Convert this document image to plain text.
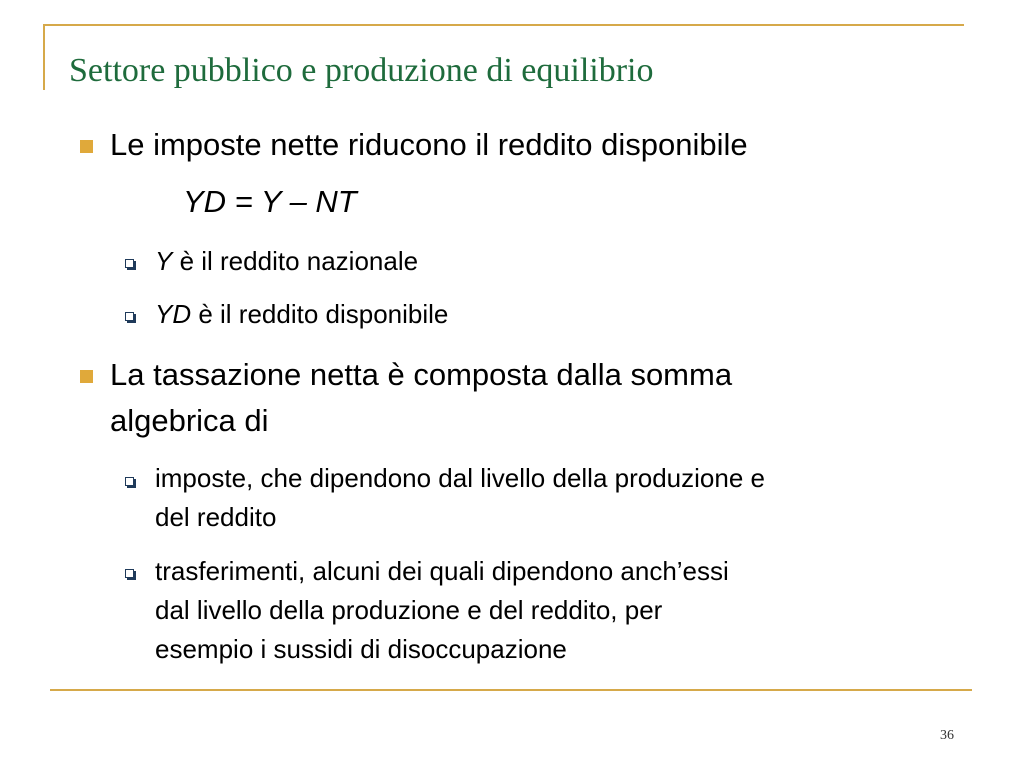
Settore pubblico e produzione di equilibrio
Le imposte nette riducono il reddito disponibile
YD = Y – NT
Y è il reddito nazionale
YD è il reddito disponibile
La tassazione netta è composta dalla somma
algebrica di
imposte, che dipendono dal livello della produzione e
del reddito
trasferimenti, alcuni dei quali dipendono anch’essi
dal livello della produzione e del reddito, per
esempio i sussidi di disoccupazione
36
